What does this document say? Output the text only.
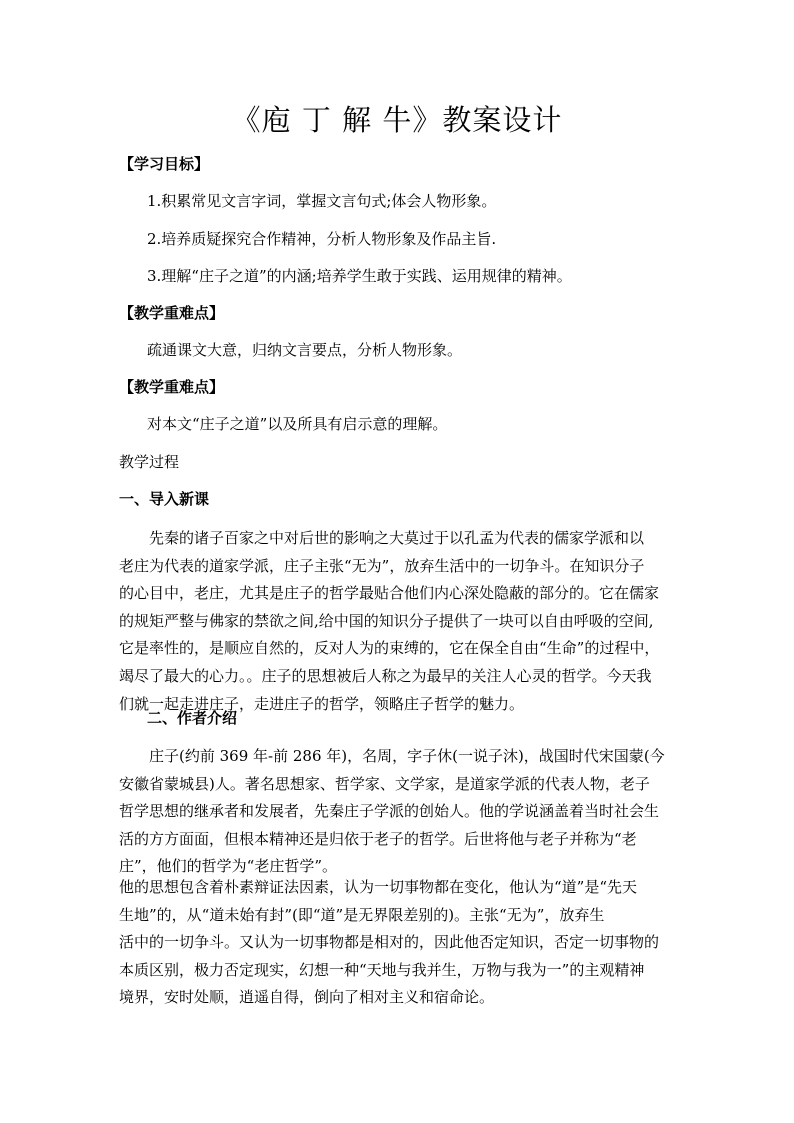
《庖 丁 解 牛》教案设计
【学习目标】
1.积累常见文言字词，掌握文言句式;体会人物形象。
2.培养质疑探究合作精神，分析人物形象及作品主旨.
3.理解“庄子之道”的内涵;培养学生敢于实践、运用规律的精神。
【教学重难点】
疏通课文大意，归纳文言要点，分析人物形象。
【教学重难点】
对本文“庄子之道”以及所具有启示意的理解。
教学过程
一、导入新课
　　先秦的诸子百家之中对后世的影响之大莫过于以孔孟为代表的儒家学派和以
老庄为代表的道家学派，庄子主张“无为”，放弃生活中的一切争斗。在知识分子
的心目中，老庄，尤其是庄子的哲学最贴合他们内心深处隐蔽的部分的。它在儒家
的规矩严整与佛家的禁欲之间,给中国的知识分子提供了一块可以自由呼吸的空间,
它是率性的，是顺应自然的，反对人为的束缚的，它在保全自由“生命”的过程中，
竭尽了最大的心力。。庄子的思想被后人称之为最早的关注人心灵的哲学。今天我
们就一起走进庄子，走进庄子的哲学，领略庄子哲学的魅力。
二、作者介绍
　　庄子(约前 369 年-前 286 年)，名周，字子休(一说子沐)，战国时代宋国蒙(今
安徽省蒙城县)人。著名思想家、哲学家、文学家，是道家学派的代表人物，老子
哲学思想的继承者和发展者，先秦庄子学派的创始人。他的学说涵盖着当时社会生
活的方方面面，但根本精神还是归依于老子的哲学。后世将他与老子并称为“老
庄”，他们的哲学为“老庄哲学”。
他的思想包含着朴素辩证法因素，认为一切事物都在变化，他认为“道”是“先天
生地”的，从“道未始有封”(即“道”是无界限差别的)。主张“无为”，放弃生
活中的一切争斗。又认为一切事物都是相对的，因此他否定知识，否定一切事物的
本质区别，极力否定现实，幻想一种“天地与我并生，万物与我为一”的主观精神
境界，安时处顺，逍遥自得，倒向了相对主义和宿命论。
